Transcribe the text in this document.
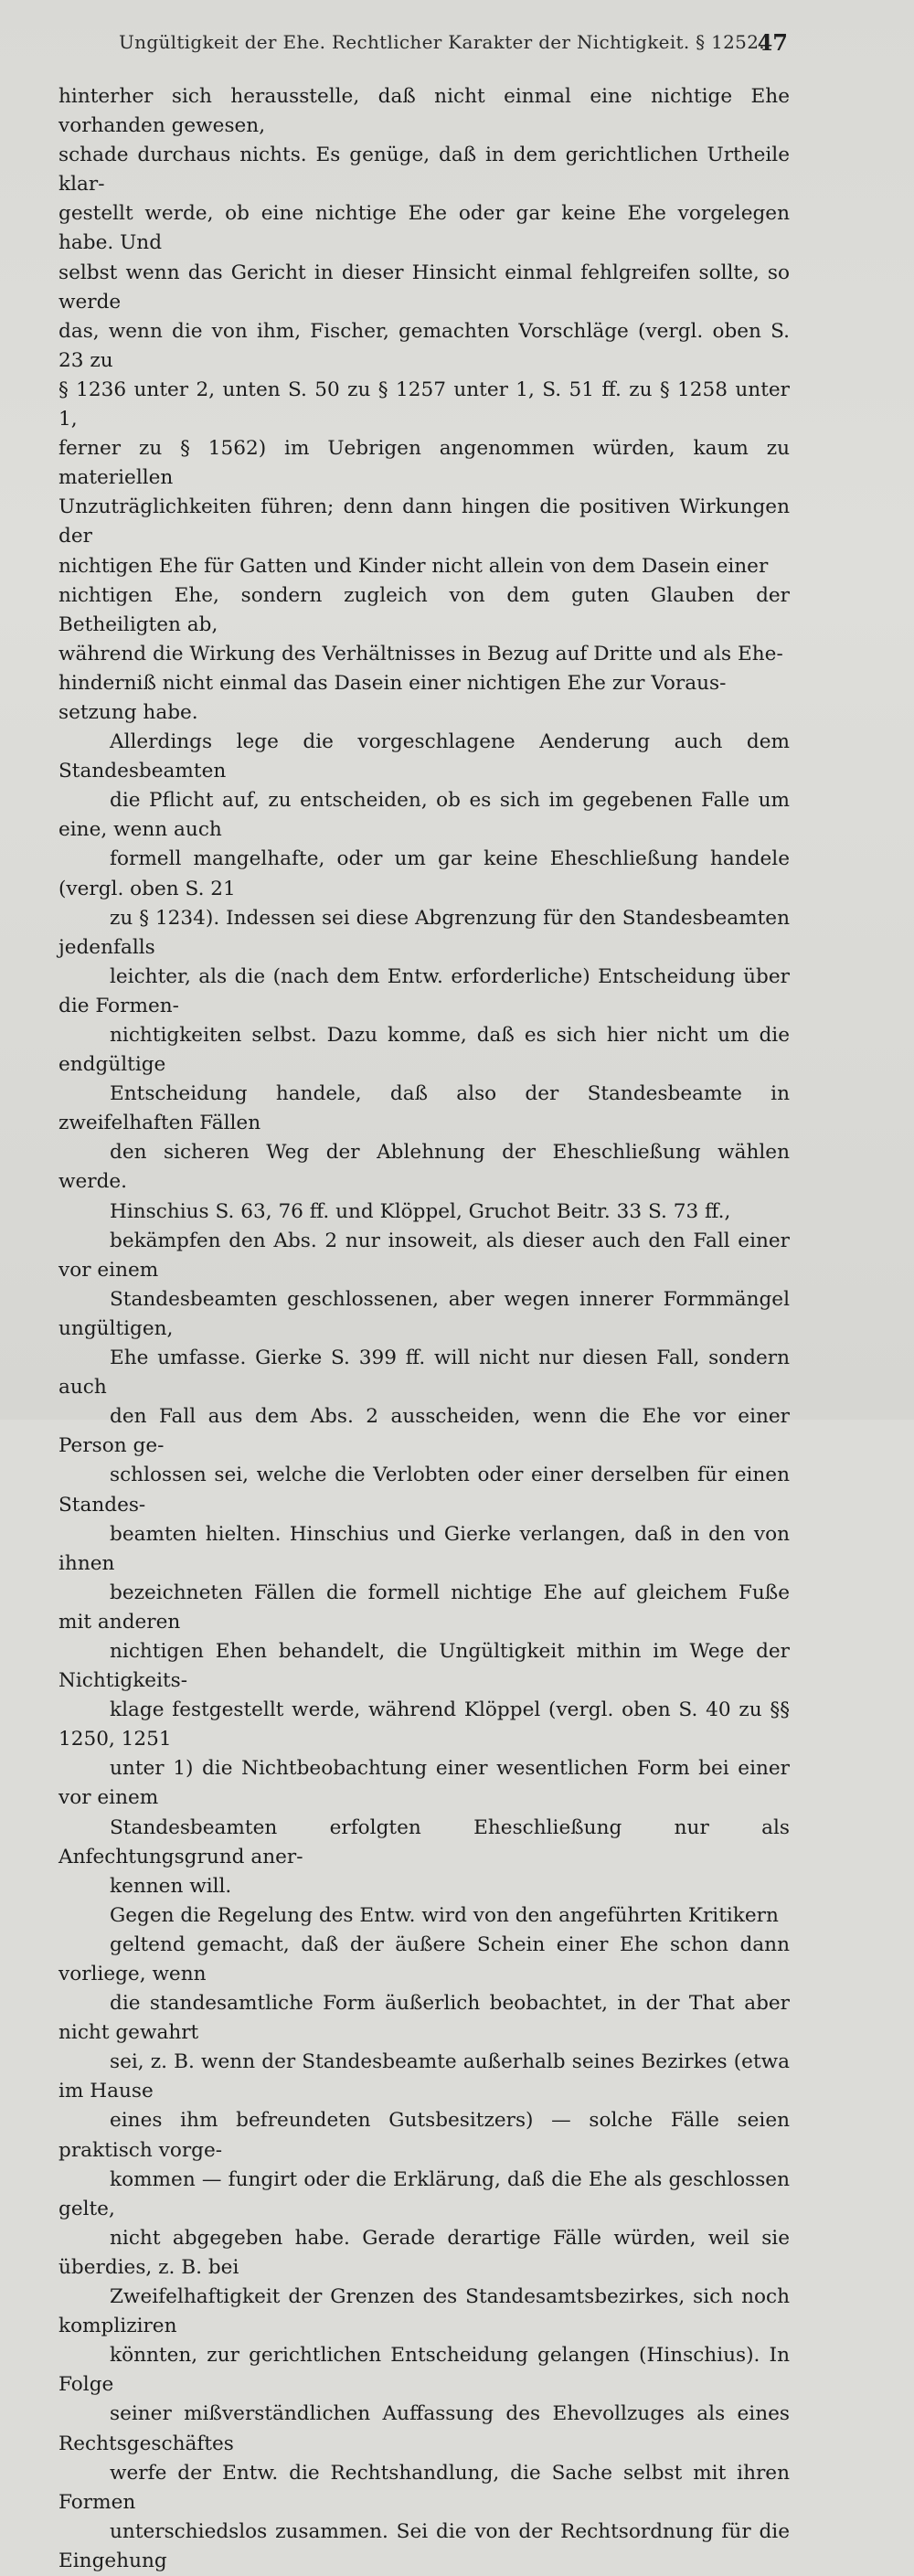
Ungültigkeit der Ehe. Rechtlicher Karakter der Nichtigkeit. § 1252.
47

hinterher sich herausstelle, daß nicht einmal eine nichtige Ehe vorhanden gewesen,
schade durchaus nichts. Es genüge, daß in dem gerichtlichen Urtheile klar-
gestellt werde, ob eine nichtige Ehe oder gar keine Ehe vorgelegen habe. Und
selbst wenn das Gericht in dieser Hinsicht einmal fehlgreifen sollte, so werde
das, wenn die von ihm, Fischer, gemachten Vorschläge (vergl. oben S. 23 zu
§ 1236 unter 2, unten S. 50 zu § 1257 unter 1, S. 51 ff. zu § 1258 unter 1,
ferner zu § 1562) im Uebrigen angenommen würden, kaum zu materiellen
Unzuträglichkeiten führen; denn dann hingen die positiven Wirkungen der
nichtigen Ehe für Gatten und Kinder nicht allein von dem Dasein einer
nichtigen Ehe, sondern zugleich von dem guten Glauben der Betheiligten ab,
während die Wirkung des Verhältnisses in Bezug auf Dritte und als Ehe-
hinderniß nicht einmal das Dasein einer nichtigen Ehe zur Voraus-
setzung habe.

Allerdings lege die vorgeschlagene Aenderung auch dem Standesbeamten
die Pflicht auf, zu entscheiden, ob es sich im gegebenen Falle um eine, wenn auch
formell mangelhafte, oder um gar keine Eheschließung handele (vergl. oben S. 21
zu § 1234). Indessen sei diese Abgrenzung für den Standesbeamten jedenfalls
leichter, als die (nach dem Entw. erforderliche) Entscheidung über die Formen-
nichtigkeiten selbst. Dazu komme, daß es sich hier nicht um die endgültige
Entscheidung handele, daß also der Standesbeamte in zweifelhaften Fällen
den sicheren Weg der Ablehnung der Eheschließung wählen werde.

Hinschius S. 63, 76 ff. und Klöppel, Gruchot Beitr. 33 S. 73 ff.,
bekämpfen den Abs. 2 nur insoweit, als dieser auch den Fall einer vor einem
Standesbeamten geschlossenen, aber wegen innerer Formmängel ungültigen,
Ehe umfasse. Gierke S. 399 ff. will nicht nur diesen Fall, sondern auch
den Fall aus dem Abs. 2 ausscheiden, wenn die Ehe vor einer Person ge-
schlossen sei, welche die Verlobten oder einer derselben für einen Standes-
beamten hielten. Hinschius und Gierke verlangen, daß in den von ihnen
bezeichneten Fällen die formell nichtige Ehe auf gleichem Fuße mit anderen
nichtigen Ehen behandelt, die Ungültigkeit mithin im Wege der Nichtigkeits-
klage festgestellt werde, während Klöppel (vergl. oben S. 40 zu §§ 1250, 1251
unter 1) die Nichtbeobachtung einer wesentlichen Form bei einer vor einem
Standesbeamten erfolgten Eheschließung nur als Anfechtungsgrund aner-
kennen will.

Gegen die Regelung des Entw. wird von den angeführten Kritikern
geltend gemacht, daß der äußere Schein einer Ehe schon dann vorliege, wenn
die standesamtliche Form äußerlich beobachtet, in der That aber nicht gewahrt
sei, z. B. wenn der Standesbeamte außerhalb seines Bezirkes (etwa im Hause
eines ihm befreundeten Gutsbesitzers) — solche Fälle seien praktisch vorge-
kommen — fungirt oder die Erklärung, daß die Ehe als geschlossen gelte,
nicht abgegeben habe. Gerade derartige Fälle würden, weil sie überdies, z. B. bei
Zweifelhaftigkeit der Grenzen des Standesamtsbezirkes, sich noch kompliziren
könnten, zur gerichtlichen Entscheidung gelangen (Hinschius). In Folge
seiner mißverständlichen Auffassung des Ehevollzuges als eines Rechtsgeschäftes
werfe der Entw. die Rechtshandlung, die Sache selbst mit ihren Formen
unterschiedslos zusammen. Sei die von der Rechtsordnung für die Eingehung
